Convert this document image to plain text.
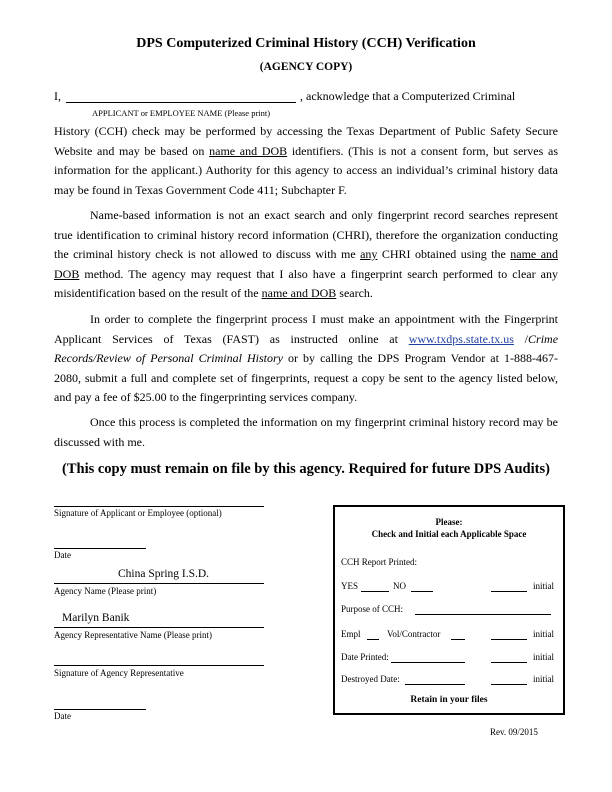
DPS Computerized Criminal History (CCH) Verification
(AGENCY COPY)
I,	, acknowledge that a Computerized Criminal
APPLICANT or EMPLOYEE NAME (Please print)
History (CCH) check may be performed by accessing the Texas Department of Public Safety Secure Website and may be based on name and DOB identifiers. (This is not a consent form, but serves as information for the applicant.) Authority for this agency to access an individual’s criminal history data may be found in Texas Government Code 411; Subchapter F.
Name-based information is not an exact search and only fingerprint record searches represent true identification to criminal history record information (CHRI), therefore the organization conducting the criminal history check is not allowed to discuss with me any CHRI obtained using the name and DOB method. The agency may request that I also have a fingerprint search performed to clear any misidentification based on the result of the name and DOB search.
In order to complete the fingerprint process I must make an appointment with the Fingerprint Applicant Services of Texas (FAST) as instructed online at www.txdps.state.tx.us /Crime Records/Review of Personal Criminal History or by calling the DPS Program Vendor at 1-888-467-2080, submit a full and complete set of fingerprints, request a copy be sent to the agency listed below, and pay a fee of $25.00 to the fingerprinting services company.
Once this process is completed the information on my fingerprint criminal history record may be discussed with me.
(This copy must remain on file by this agency. Required for future DPS Audits)
Signature of Applicant or Employee (optional)
Date
China Spring I.S.D.
Agency Name (Please print)
Marilyn Banik
Agency Representative Name (Please print)
Signature of Agency Representative
Date
Please:
Check and Initial each Applicable Space
CCH Report Printed:
YES	NO	initial
Purpose of CCH:
Empl	Vol/Contractor	initial
Date Printed:	initial
Destroyed Date:	initial
Retain in your files
Rev. 09/2015
